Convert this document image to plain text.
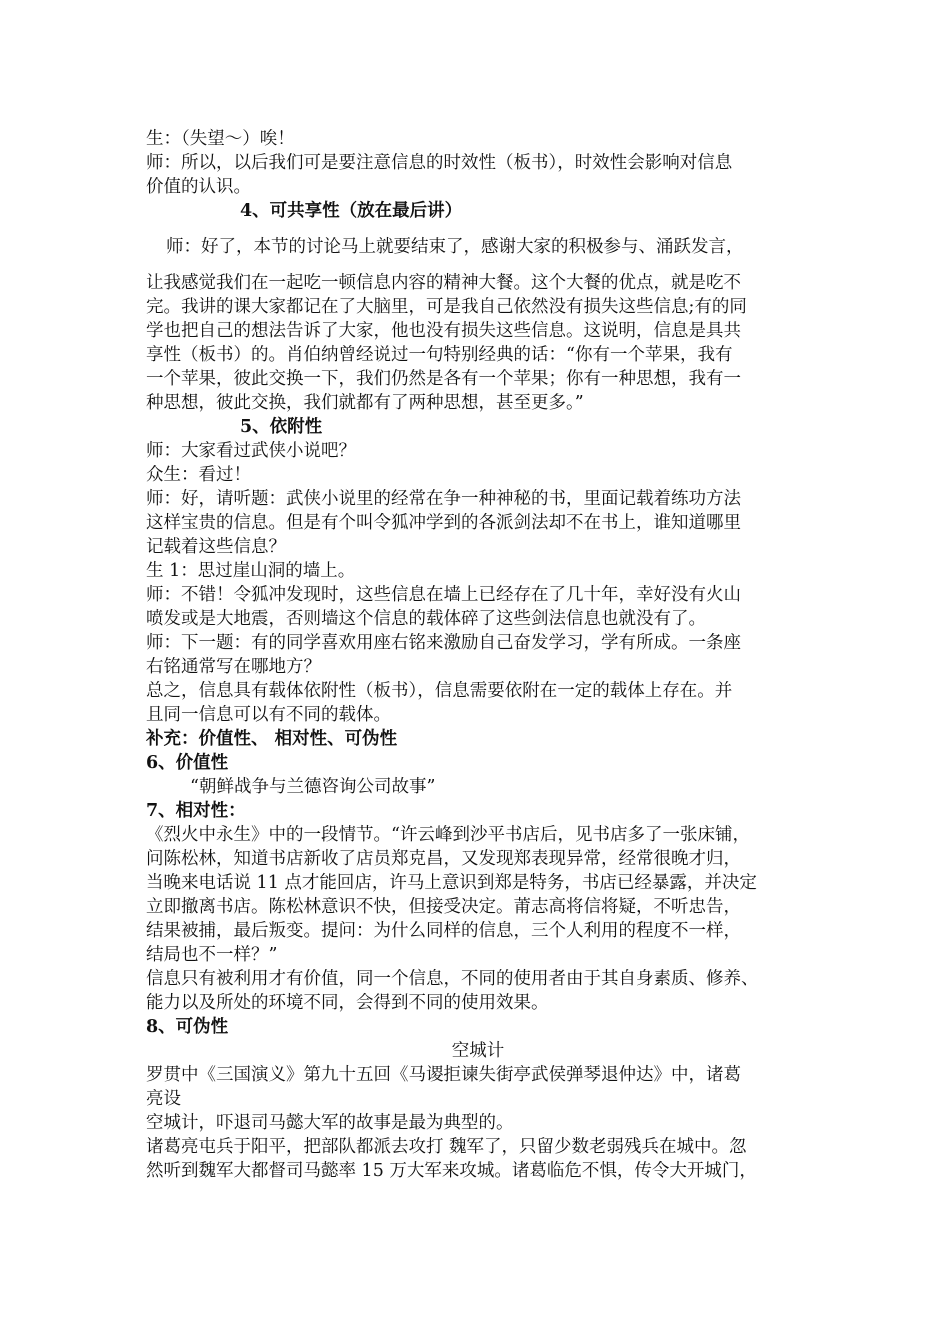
生：（失望～）唉！
师：所以，以后我们可是要注意信息的时效性（板书），时效性会影响对信息
价值的认识。
4、可共享性（放在最后讲）
师：好了，本节的讨论马上就要结束了，感谢大家的积极参与、涌跃发言，
让我感觉我们在一起吃一顿信息内容的精神大餐。这个大餐的优点，就是吃不
完。我讲的课大家都记在了大脑里，可是我自己依然没有损失这些信息;有的同
学也把自己的想法告诉了大家，他也没有损失这些信息。这说明，信息是具共
享性（板书）的。肖伯纳曾经说过一句特别经典的话：“你有一个苹果，我有
一个苹果，彼此交换一下，我们仍然是各有一个苹果；你有一种思想，我有一
种思想，彼此交换，我们就都有了两种思想，甚至更多。”
5、依附性
师：大家看过武侠小说吧？
众生：看过！
师：好，请听题：武侠小说里的经常在争一种神秘的书，里面记载着练功方法
这样宝贵的信息。但是有个叫令狐冲学到的各派剑法却不在书上，谁知道哪里
记载着这些信息？
生 1：思过崖山洞的墙上。
师：不错！令狐冲发现时，这些信息在墙上已经存在了几十年，幸好没有火山
喷发或是大地震，否则墙这个信息的载体碎了这些剑法信息也就没有了。
师：下一题：有的同学喜欢用座右铭来激励自己奋发学习，学有所成。一条座
右铭通常写在哪地方？
总之，信息具有载体依附性（板书），信息需要依附在一定的载体上存在。并
且同一信息可以有不同的载体。
补充：价值性、 相对性、可伪性
6、价值性
“朝鲜战争与兰德咨询公司故事”
7、相对性：
《烈火中永生》中的一段情节。“许云峰到沙平书店后，见书店多了一张床铺，
问陈松林，知道书店新收了店员郑克昌，又发现郑表现异常，经常很晚才归，
当晚来电话说 11 点才能回店，许马上意识到郑是特务，书店已经暴露，并决定
立即撤离书店。陈松林意识不快，但接受决定。莆志高将信将疑，不听忠告，
结果被捕，最后叛变。提问：为什么同样的信息，三个人利用的程度不一样，
结局也不一样？”
信息只有被利用才有价值，同一个信息，不同的使用者由于其自身素质、修养、
能力以及所处的环境不同，会得到不同的使用效果。
8、可伪性
空城计
罗贯中《三国演义》第九十五回《马谡拒谏失街亭武侯弹琴退仲达》中，诸葛
亮设
空城计，吓退司马懿大军的故事是最为典型的。
诸葛亮屯兵于阳平，把部队都派去攻打 魏军了，只留少数老弱残兵在城中。忽
然听到魏军大都督司马懿率 15 万大军来攻城。诸葛临危不惧，传令大开城门，
